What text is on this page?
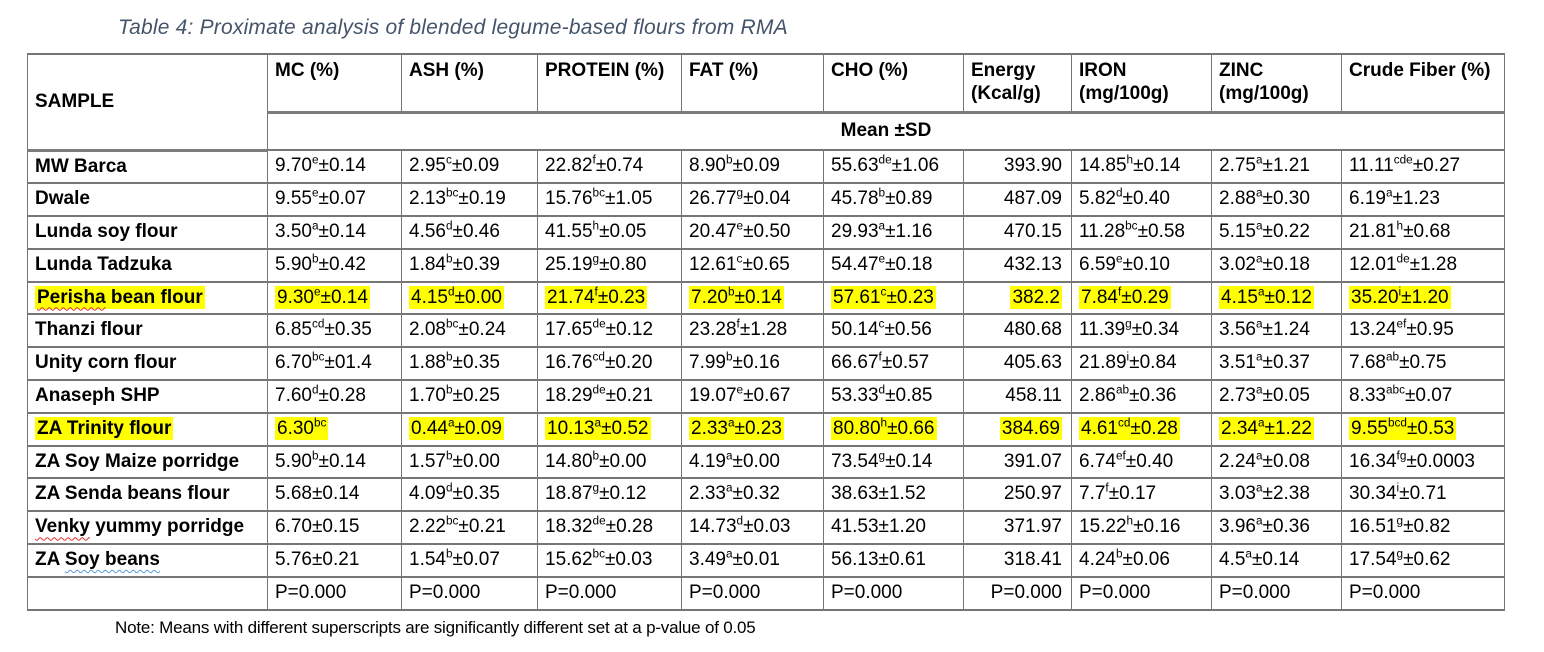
Table 4: Proximate analysis of blended legume-based flours from RMA
SAMPLE	MC (%)	ASH (%)	PROTEIN (%)	FAT (%)	CHO (%)	Energy (Kcal/g)	IRON (mg/100g)	ZINC (mg/100g)	Crude Fiber (%)
	Mean ±SD								
MW Barca	9.70$^e$±0.14	2.95$^c$±0.09	22.82$^f$±0.74	8.90$^b$±0.09	55.63de±1.06	393.90	14.85$^h$±0.14	2.75$^a$±1.21	11.11$^{cde}$±0.27
Dwale	9.55$^e$±0.07	2.13$^{bc}$±0.19	15.76$^{bc}$±1.05	26.77$^g$±0.04	45.78$^b$±0.89	487.09	5.82$^d$±0.40	2.88$^a$±0.30	6.19$^a$±1.23
Lunda soy flour	3.50$^a$±0.14	4.56$^d$±0.46	41.55$^h$±0.05	20.47$^e$±0.50	29.93$^a$±1.16	470.15	11.28$^{bc}$±0.58	5.15$^a$±0.22	21.81$^h$±0.68
Lunda Tadzuka	5.90$^b$±0.42	1.84$^b$±0.39	25.19$^g$±0.80	12.61$^c$±0.65	54.47$^e$±0.18	432.13	6.59$^e$±0.10	3.02$^a$±0.18	12.01de±1.28
Perisha bean flour	9.30$^e$±0.14	4.15$^d$±0.00	21.74$^f$±0.23	7.20$^b$±0.14	57.61$^c$±0.23	382.2	7.84$^f$±0.29	4.15$^a$±0.12	$35.20^i\pm 1.20$
Thanzi flour	6.85$^{cd}$±0.35	2.08$^{bc}$±0.24	17.65de±0.12	23.28$^f$±1.28	50.14$^c$±0.56	480.68	11.39$^g$±0.34	3.56$^a$±1.24	13.24$^{ef}$±0.95
Unity corn flour	6.70$^{bc}$±01.4	1.88$^b$±0.35	16.76$^{cd}$±0.20	7.99$^b$±0.16	66.67$^f$±0.57	405.63	$21.89^i\pm 0.84$	3.51$^a$±0.37	7.68$^{ab}$±0.75
Anaseph SHP	7.60$^d$±0.28	1.70$^b$±0.25	18.29de±0.21	19.07$^e$±0.67	53.33$^d$±0.85	458.11	2.86$^{ab}$±0.36	2.73$^a$±0.05	8.33$^{abc}$±0.07
ZA Trinity flour	6.30$^{bc}$	0.44$^a$±0.09	10.13$^a$±0.52	2.33$^a$±0.23	80.80$^h$±0.66	384.69	4.61$^{cd}$±0.28	2.34$^a$±1.22	9.55$^{bcd}$±0.53
ZA Soy Maize porridge	5.90$^b$±0.14	1.57$^b$±0.00	14.80$^b$±0.00	4.19$^a$±0.00	73.54$^g$±0.14	391.07	6.74$^{ef}$±0.40	2.24$^a$±0.08	16.34$^{fg}$±0.0003
ZA Senda beans flour	5.68±0.14	4.09$^d$±0.35	18.87$^g$±0.12	2.33$^a$±0.32	38.63±1.52	250.97	7.7$^f$±0.17	3.03$^a$±2.38	$30.34^i\pm 0.71$
Venky yummy porridge	6.70±0.15	2.22$^{bc}$±0.21	18.32de±0.28	14.73$^d$±0.03	41.53±1.20	371.97	15.22$^h$±0.16	3.96$^a$±0.36	16.51$^g$±0.82
ZA Soy beans	5.76±0.21	1.54$^b$±0.07	15.62$^{bc}$±0.03	3.49$^a$±0.01	56.13±0.61	318.41	4.24$^b$±0.06	4.5$^a$±0.14	17.54$^g$±0.62
	P=0.000	P=0.000	P=0.000	P=0.000	P=0.000	P=0.000	P=0.000	P=0.000	P=0.000
Note: Means with different superscripts are significantly different set at a p-value of 0.05
